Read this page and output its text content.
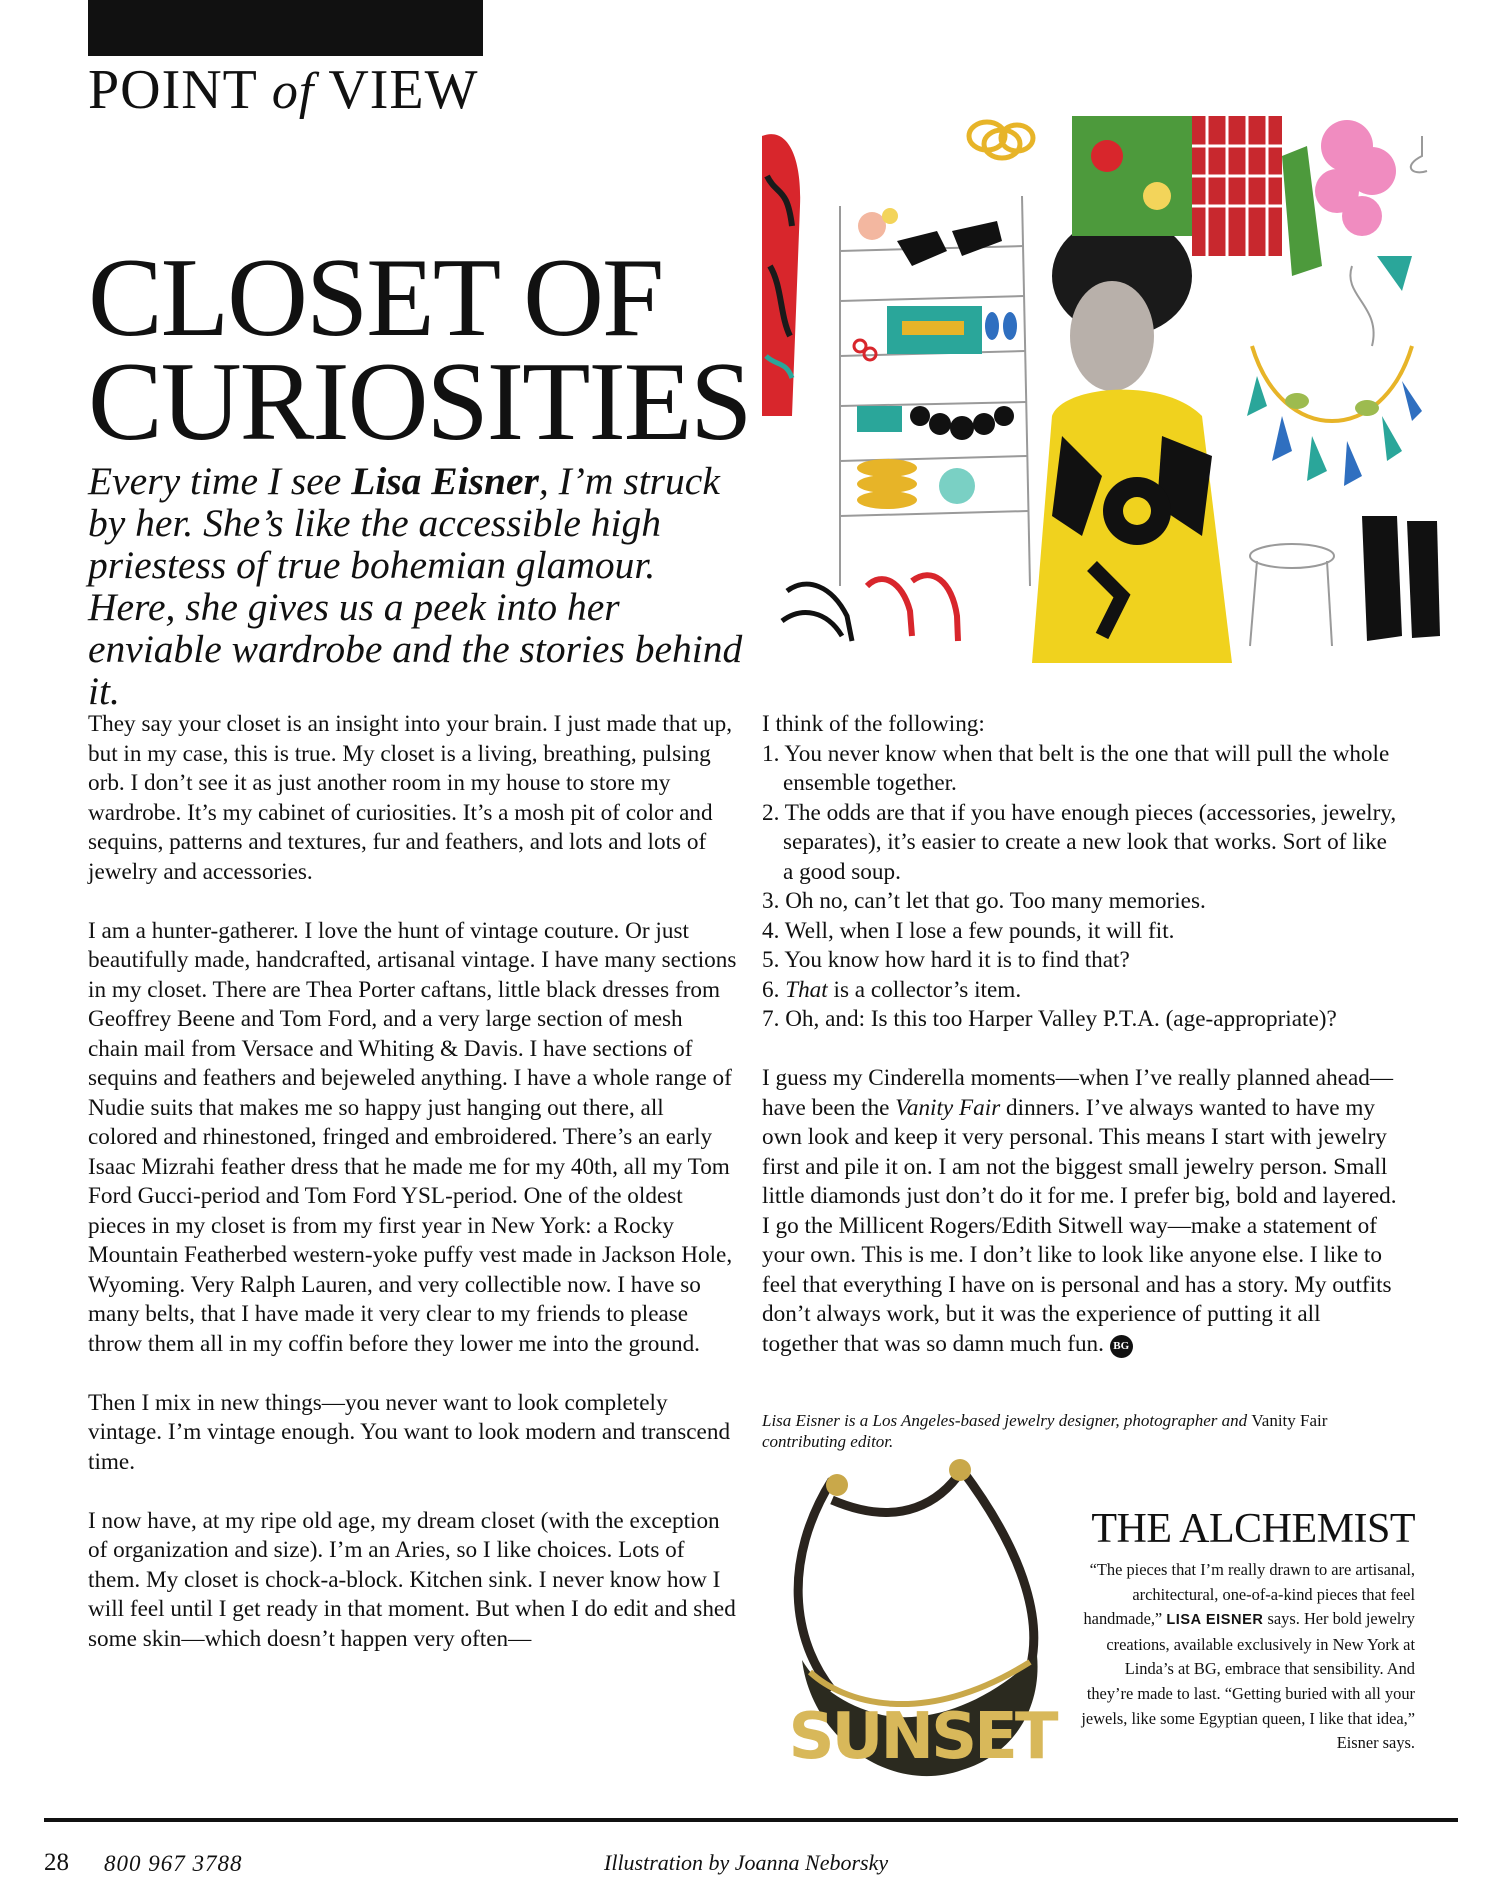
POINT of VIEW
CLOSET OF
CURIOSITIES
Every time I see Lisa Eisner, I’m struck by her. She’s like the accessible high priestess of true bohemian glamour. Here, she gives us a peek into her enviable wardrobe and the stories behind it.

They say your closet is an insight into your brain. I just made that up, but in my case, this is true. My closet is a living, breathing, pulsing orb. I don’t see it as just another room in my house to store my wardrobe. It’s my cabinet of curiosities. It’s a mosh pit of color and sequins, patterns and textures, fur and feathers, and lots and lots of jewelry and accessories.

I am a hunter-gatherer. I love the hunt of vintage couture. Or just beautifully made, handcrafted, artisanal vintage. I have many sections in my closet. There are Thea Porter caftans, little black dresses from Geoffrey Beene and Tom Ford, and a very large section of mesh chain mail from Versace and Whiting & Davis. I have sections of sequins and feathers and bejeweled anything. I have a whole range of Nudie suits that makes me so happy just hanging out there, all colored and rhinestoned, fringed and embroidered. There’s an early Isaac Mizrahi feather dress that he made me for my 40th, all my Tom Ford Gucci-period and Tom Ford YSL-period. One of the oldest pieces in my closet is from my first year in New York: a Rocky Mountain Featherbed western-yoke puffy vest made in Jackson Hole, Wyoming. Very Ralph Lauren, and very collectible now. I have so many belts, that I have made it very clear to my friends to please throw them all in my coffin before they lower me into the ground.

Then I mix in new things—you never want to look completely vintage. I’m vintage enough. You want to look modern and transcend time.

I now have, at my ripe old age, my dream closet (with the exception of organization and size). I’m an Aries, so I like choices. Lots of them. My closet is chock-a-block. Kitchen sink. I never know how I will feel until I get ready in that moment. But when I do edit and shed some skin—which doesn’t happen very often—

I think of the following:
1. You never know when that belt is the one that will pull the whole ensemble together.
2. The odds are that if you have enough pieces (accessories, jewelry, separates), it’s easier to create a new look that works. Sort of like a good soup.
3. Oh no, can’t let that go. Too many memories.
4. Well, when I lose a few pounds, it will fit.
5. You know how hard it is to find that?
6. That is a collector’s item.
7. Oh, and: Is this too Harper Valley P.T.A. (age-appropriate)?

I guess my Cinderella moments—when I’ve really planned ahead—have been the Vanity Fair dinners. I’ve always wanted to have my own look and keep it very personal. This means I start with jewelry first and pile it on. I am not the biggest small jewelry person. Small little diamonds just don’t do it for me. I prefer big, bold and layered. I go the Millicent Rogers/Edith Sitwell way—make a statement of your own. This is me. I don’t like to look like anyone else. I like to feel that everything I have on is personal and has a story. My outfits don’t always work, but it was the experience of putting it all together that was so damn much fun. BG

Lisa Eisner is a Los Angeles-based jewelry designer, photographer and Vanity Fair contributing editor.
SUNSET
THE ALCHEMIST
“The pieces that I’m really drawn to are artisanal, architectural, one-of-a-kind pieces that feel handmade,” LISA EISNER says. Her bold jewelry creations, available exclusively in New York at Linda’s at BG, embrace that sensibility. And they’re made to last. “Getting buried with all your jewels, like some Egyptian queen, I like that idea,” Eisner says.
28 800 967 3788	Illustration by Joanna Neborsky
